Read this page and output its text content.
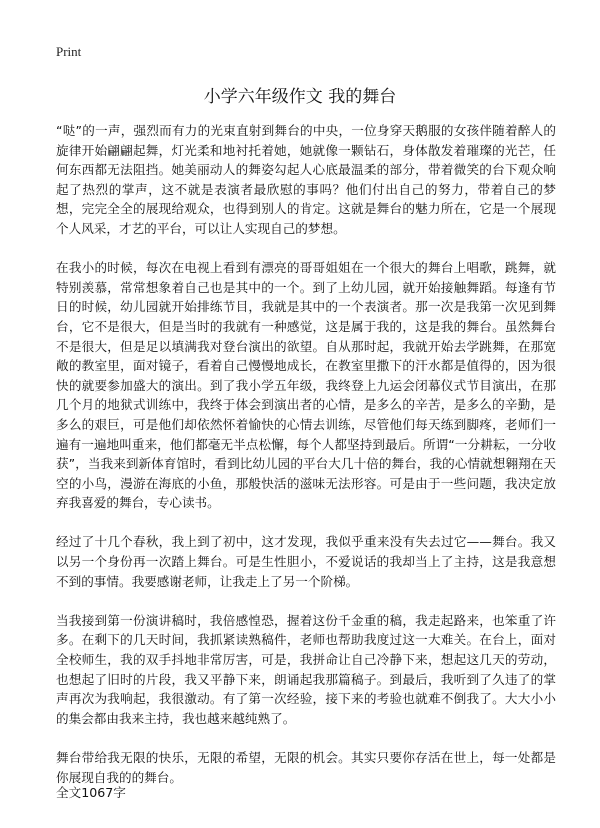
Print
小学六年级作文 我的舞台

“哒”的一声，强烈而有力的光束直射到舞台的中央，一位身穿天鹅服的女孩伴随着醉人的旋律开始翩翩起舞，灯光柔和地衬托着她，她就像一颗钻石，身体散发着璀璨的光芒，任何东西都无法阻挡。她美丽动人的舞姿勾起人心底最温柔的部分，带着微笑的台下观众响起了热烈的掌声，这不就是表演者最欣慰的事吗？他们付出自己的努力，带着自己的梦想，完完全全的展现给观众，也得到别人的肯定。这就是舞台的魅力所在，它是一个展现个人风采，才艺的平台，可以让人实现自己的梦想。

在我小的时候，每次在电视上看到有漂亮的哥哥姐姐在一个很大的舞台上唱歌，跳舞，就特别羡慕，常常想象着自己也是其中的一个。到了上幼儿园，就开始接触舞蹈。每逢有节日的时候，幼儿园就开始排练节目，我就是其中的一个表演者。那一次是我第一次见到舞台，它不是很大，但是当时的我就有一种感觉，这是属于我的，这是我的舞台。虽然舞台不是很大，但是足以填满我对登台演出的欲望。自从那时起，我就开始去学跳舞，在那宽敞的教室里，面对镜子，看着自己慢慢地成长，在教室里撒下的汗水都是值得的，因为很快的就要参加盛大的演出。到了我小学五年级，我终登上九运会闭幕仪式节目演出，在那几个月的地狱式训练中，我终于体会到演出者的心情，是多么的辛苦，是多么的辛勤，是多么的艰巨，可是他们却依然怀着愉快的心情去训练，尽管他们每天练到脚疼，老师们一遍有一遍地叫重来，他们都毫无半点松懈，每个人都坚持到最后。所谓“一分耕耘，一分收获”，当我来到新体育馆时，看到比幼儿园的平台大几十倍的舞台，我的心情就想翱翔在天空的小鸟，漫游在海底的小鱼，那般快活的滋味无法形容。可是由于一些问题，我决定放弃我喜爱的舞台，专心读书。

经过了十几个春秋，我上到了初中，这才发现，我似乎重来没有失去过它——舞台。我又以另一个身份再一次踏上舞台。可是生性胆小，不爱说话的我却当上了主持，这是我意想不到的事情。我要感谢老师，让我走上了另一个阶梯。

当我接到第一份演讲稿时，我倍感惶恐，握着这份千金重的稿，我走起路来，也笨重了许多。在剩下的几天时间，我抓紧读熟稿件，老师也帮助我度过这一大难关。在台上，面对全校师生，我的双手抖地非常厉害，可是，我拼命让自己冷静下来，想起这几天的劳动，也想起了旧时的片段，我又平静下来，朗诵起我那篇稿子。到最后，我听到了久违了的掌声再次为我响起，我很激动。有了第一次经验，接下来的考验也就难不倒我了。大大小小的集会都由我来主持，我也越来越纯熟了。

舞台带给我无限的快乐，无限的希望，无限的机会。其实只要你存活在世上，每一处都是你展现自我的的舞台。

全文1067字
